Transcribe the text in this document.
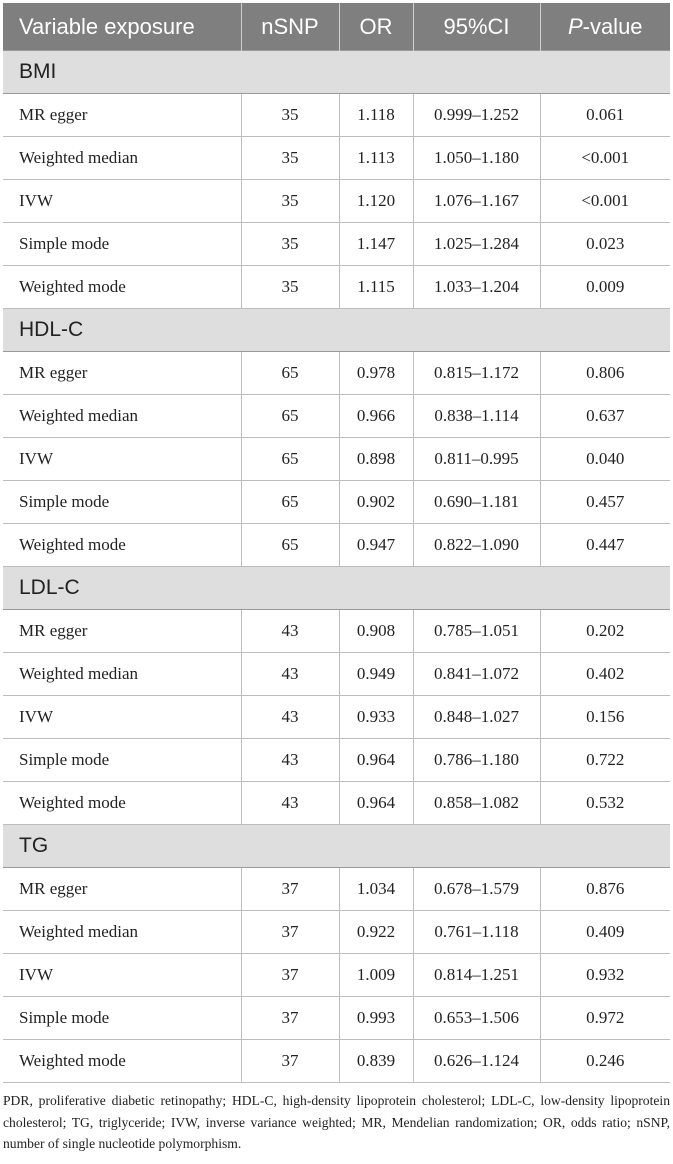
Variable exposure	nSNP	OR	95%CI	P-value
BMI				
MR egger	35	1.118	0.999–1.252	0.061
Weighted median	35	1.113	1.050–1.180	<0.001
IVW	35	1.120	1.076–1.167	<0.001
Simple mode	35	1.147	1.025–1.284	0.023
Weighted mode	35	1.115	1.033–1.204	0.009
HDL-C				
MR egger	65	0.978	0.815–1.172	0.806
Weighted median	65	0.966	0.838–1.114	0.637
IVW	65	0.898	0.811–0.995	0.040
Simple mode	65	0.902	0.690–1.181	0.457
Weighted mode	65	0.947	0.822–1.090	0.447
LDL-C				
MR egger	43	0.908	0.785–1.051	0.202
Weighted median	43	0.949	0.841–1.072	0.402
IVW	43	0.933	0.848–1.027	0.156
Simple mode	43	0.964	0.786–1.180	0.722
Weighted mode	43	0.964	0.858–1.082	0.532
TG				
MR egger	37	1.034	0.678–1.579	0.876
Weighted median	37	0.922	0.761–1.118	0.409
IVW	37	1.009	0.814–1.251	0.932
Simple mode	37	0.993	0.653–1.506	0.972
Weighted mode	37	0.839	0.626–1.124	0.246

PDR, proliferative diabetic retinopathy; HDL-C, high-density lipoprotein cholesterol; LDL-C, low-density lipoprotein cholesterol; TG, triglyceride; IVW, inverse variance weighted; MR, Mendelian randomization; OR, odds ratio; nSNP, number of single nucleotide polymorphism.
